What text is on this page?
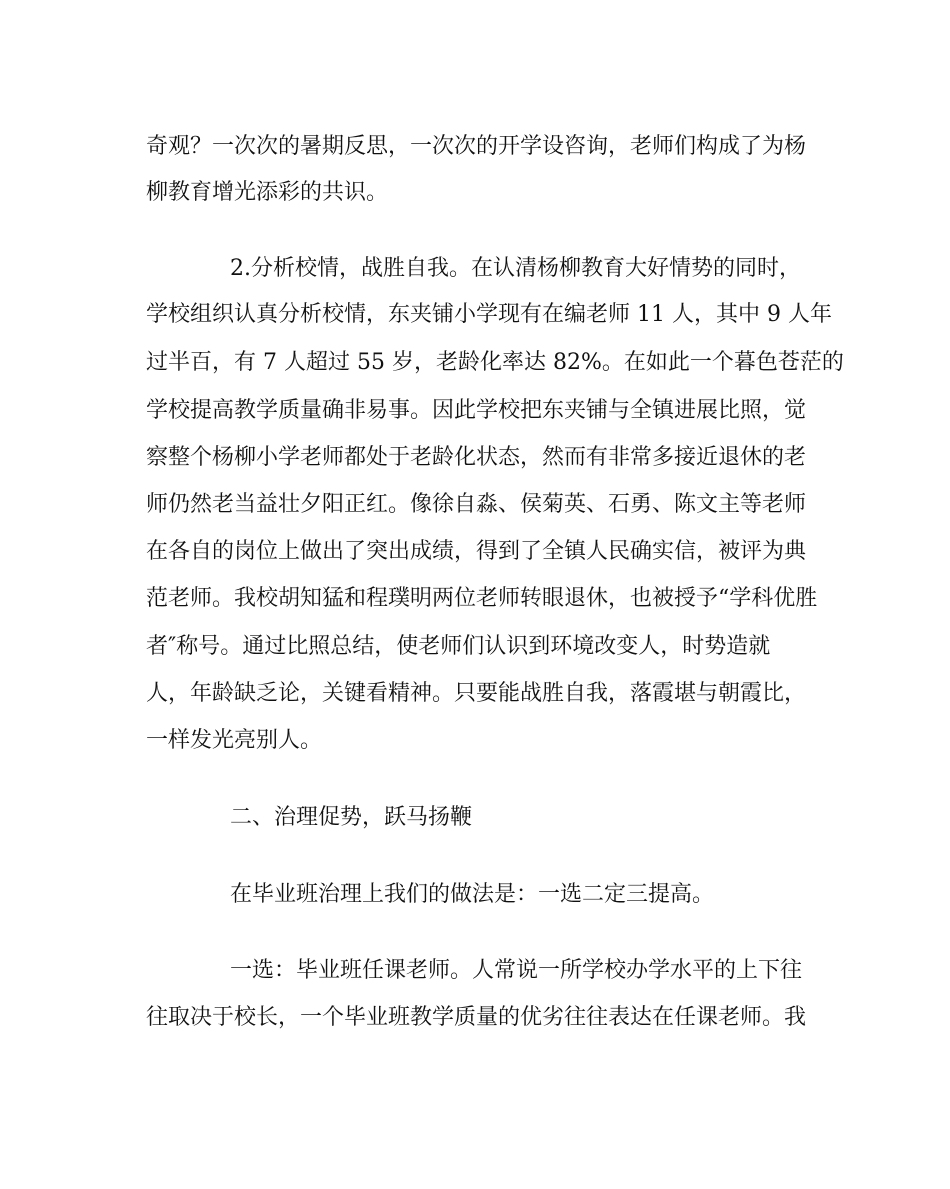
奇观？一次次的暑期反思，一次次的开学设咨询，老师们构成了为杨
柳教育增光添彩的共识。
2.分析校情，战胜自我。在认清杨柳教育大好情势的同时，
学校组织认真分析校情，东夹铺小学现有在编老师 11 人，其中 9 人年
过半百，有 7 人超过 55 岁，老龄化率达 82%。在如此一个暮色苍茫的
学校提高教学质量确非易事。因此学校把东夹铺与全镇进展比照，觉
察整个杨柳小学老师都处于老龄化状态，然而有非常多接近退休的老
师仍然老当益壮夕阳正红。像徐自淼、侯菊英、石勇、陈文主等老师
在各自的岗位上做出了突出成绩，得到了全镇人民确实信，被评为典
范老师。我校胡知猛和程璞明两位老师转眼退休，也被授予“学科优胜
者″称号。通过比照总结，使老师们认识到环境改变人，时势造就
人，年龄缺乏论，关键看精神。只要能战胜自我，落霞堪与朝霞比，
一样发光亮别人。
二、治理促势，跃马扬鞭
在毕业班治理上我们的做法是：一选二定三提高。
一选：毕业班任课老师。人常说一所学校办学水平的上下往
往取决于校长，一个毕业班教学质量的优劣往往表达在任课老师。我
